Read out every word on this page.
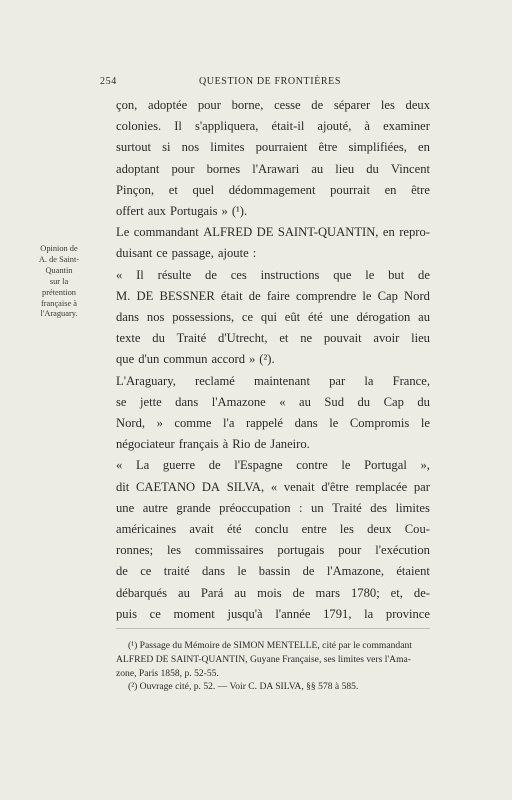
254	QUESTION DE FRONTIÈRES
Opinion de
A. de Saint-
Quantin
sur la
prétention
française à
l'Araguary.
çon, adoptée pour borne, cesse de séparer les deux
colonies. Il s'appliquera, était-il ajouté, à examiner
surtout si nos limites pourraient être simplifiées, en
adoptant pour bornes l'Arawari au lieu du Vincent
Pinçon, et quel dédommagement pourrait en être
offert aux Portugais » (¹).
Le commandant ALFRED DE SAINT-QUANTIN, en repro-
duisant ce passage, ajoute :
« Il résulte de ces instructions que le but de
M. DE BESSNER était de faire comprendre le Cap Nord
dans nos possessions, ce qui eût été une dérogation au
texte du Traité d'Utrecht, et ne pouvait avoir lieu
que d'un commun accord » (²).
L'Araguary, reclamé maintenant par la France,
se jette dans l'Amazone « au Sud du Cap du
Nord, » comme l'a rappelé dans le Compromis le
négociateur français à Rio de Janeiro.
« La guerre de l'Espagne contre le Portugal »,
dit CAETANO DA SILVA, « venait d'être remplacée par
une autre grande préoccupation : un Traité des limites
américaines avait été conclu entre les deux Cou-
ronnes; les commissaires portugais pour l'exécution
de ce traité dans le bassin de l'Amazone, étaient
débarqués au Pará au mois de mars 1780; et, de-
puis ce moment jusqu'à l'année 1791, la province
(¹) Passage du Mémoire de SIMON MENTELLE, cité par le commandant
ALFRED DE SAINT-QUANTIN, Guyane Française, ses limites vers l'Ama-
zone, Paris 1858, p. 52-55.
(²) Ouvrage cité, p. 52. — Voir C. DA SILVA, §§ 578 à 585.
